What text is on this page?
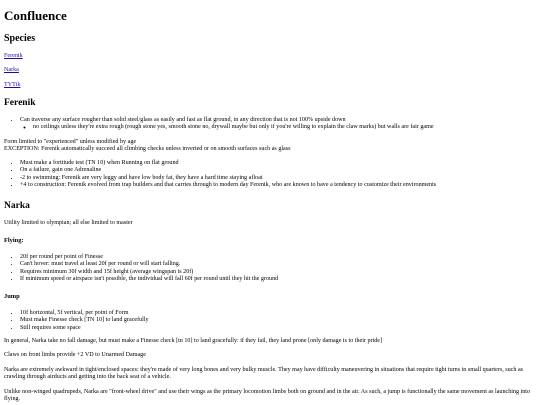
Confluence
Species

Ferenik

Narka

TYTik

Ferenik
• Can traverse any surface rougher than solid steel/glass as easily and fast as flat ground, in any direction that is not 100% upside down
◦ no ceilings unless they're extra rough (rough stone yes, smooth stone no, drywall maybe but only if you're willing to explain the claw marks) but walls are fair game

Form limited to "experienced" unless modified by age

EXCEPTION: Ferenik automatically succeed all climbing checks unless inverted or on smooth surfaces such as glass

• Must make a fortitude test (TN 10) when Running on flat ground
• On a failure, gain one Adrenaline
• -2 to swimming: Ferenik are very leggy and have low body fat, they have a hard time staying afloat
• +4 to construction: Ferenik evolved from trap builders and that carries through to modern day Ferenik, who are known to have a tendency to customize their environments
Narka

Utility limited to olympian; all else limited to master

Flying:
• 20f per round per point of Finesse
• Can't hover: must travel at least 20f per round or will start falling.
• Requires minimum 30f width and 15f height (average wingspan is 20f)
• If minimum speed or airspace isn't possible, the individual will fall 60f per round until they hit the ground
Jump
• 10f horizontal, 5f vertical, per point of Form
• Must make Finesse check [TN 10] to land gracefully
• Still requires some space

In general, Narka take no fall damage, but must make a Finesse check [tn 10] to land gracefully: if they fail, they land prone [only damage is to their pride]

Claws on front limbs provide +2 VD to Unarmed Damage

Narka are extremely awkward in tight/enclosed spaces: they're made of very long bones and very bulky muscle. They may have difficulty maneuvering in situations that require tight turns in small quarters, such as crawling through airducts and getting into the back seat of a vehicle.

Unlike non-winged quadrupeds, Narka are "front-wheel drive" and use their wings as the primary locomotion limbs both on ground and in the air. As such, a jump is functionally the same movement as launching into flying.
